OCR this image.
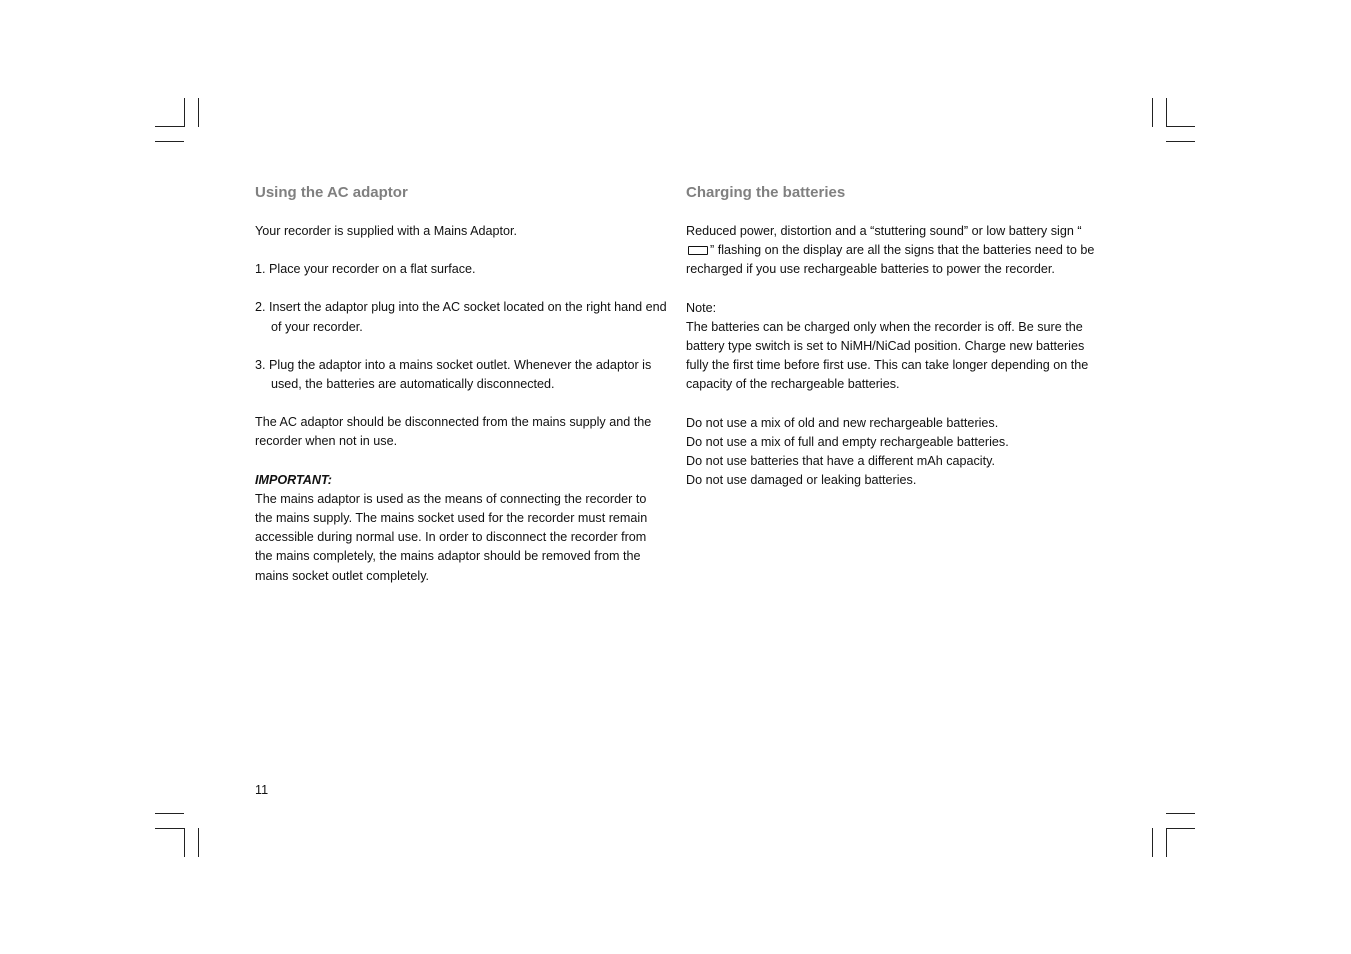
Using the AC adaptor
Your recorder is supplied with a Mains Adaptor.
1. Place your recorder on a flat surface.
2. Insert the adaptor plug into the AC socket located on the right hand end of your recorder.
3. Plug the adaptor into a mains socket outlet. Whenever the adaptor is used, the batteries are automatically disconnected.
The AC adaptor should be disconnected from the mains supply and the recorder when not in use.
IMPORTANT:
The mains adaptor is used as the means of connecting the recorder to the mains supply. The mains socket used for the recorder must remain accessible during normal use. In order to disconnect the recorder from the mains completely, the mains adaptor should be removed from the mains socket outlet completely.
Charging the batteries
Reduced power, distortion and a “stuttering sound” or low battery sign “” flashing on the display are all the signs that the batteries need to be recharged if you use rechargeable batteries to power the recorder.
Note:
The batteries can be charged only when the recorder is off. Be sure the battery type switch is set to NiMH/NiCad position. Charge new batteries fully the first time before first use. This can take longer depending on the capacity of the rechargeable batteries.
Do not use a mix of old and new rechargeable batteries.
Do not use a mix of full and empty rechargeable batteries.
Do not use batteries that have a different mAh capacity.
Do not use damaged or leaking batteries.
11
